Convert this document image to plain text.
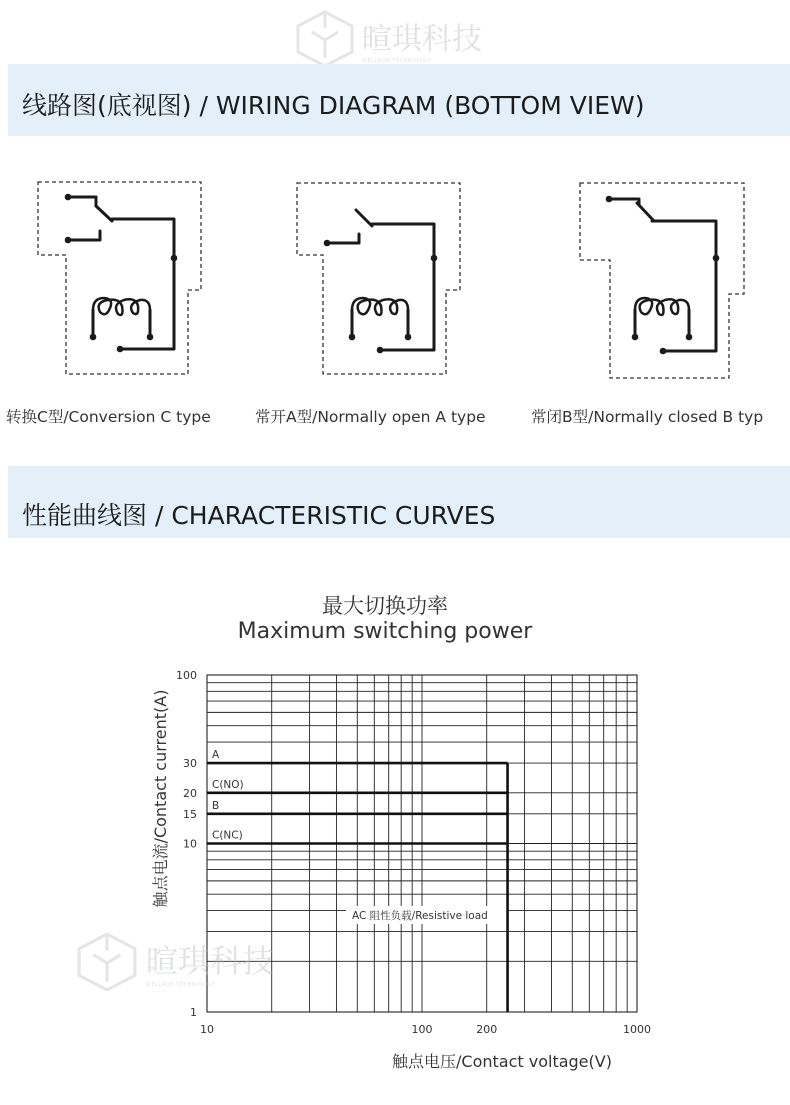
暄琪科技
WELLAON TECHNOLOGY
线路图(底视图) / WIRING DIAGRAM (BOTTOM VIEW)
转换C型/Conversion C type	常开A型/Normally open A type	常闭B型/Normally closed B typ
性能曲线图 / CHARACTERISTIC CURVES
最大切换功率
Maximum switching power
AC 阻性负载/Resistive load
A
C(NO)
B
C(NC)
1
10
15
20
30
100
10	100	200	1000
触点电压/Contact voltage(V)
触点电流/Contact current(A)
暄琪科技
WELLAON TECHNOLOGY
